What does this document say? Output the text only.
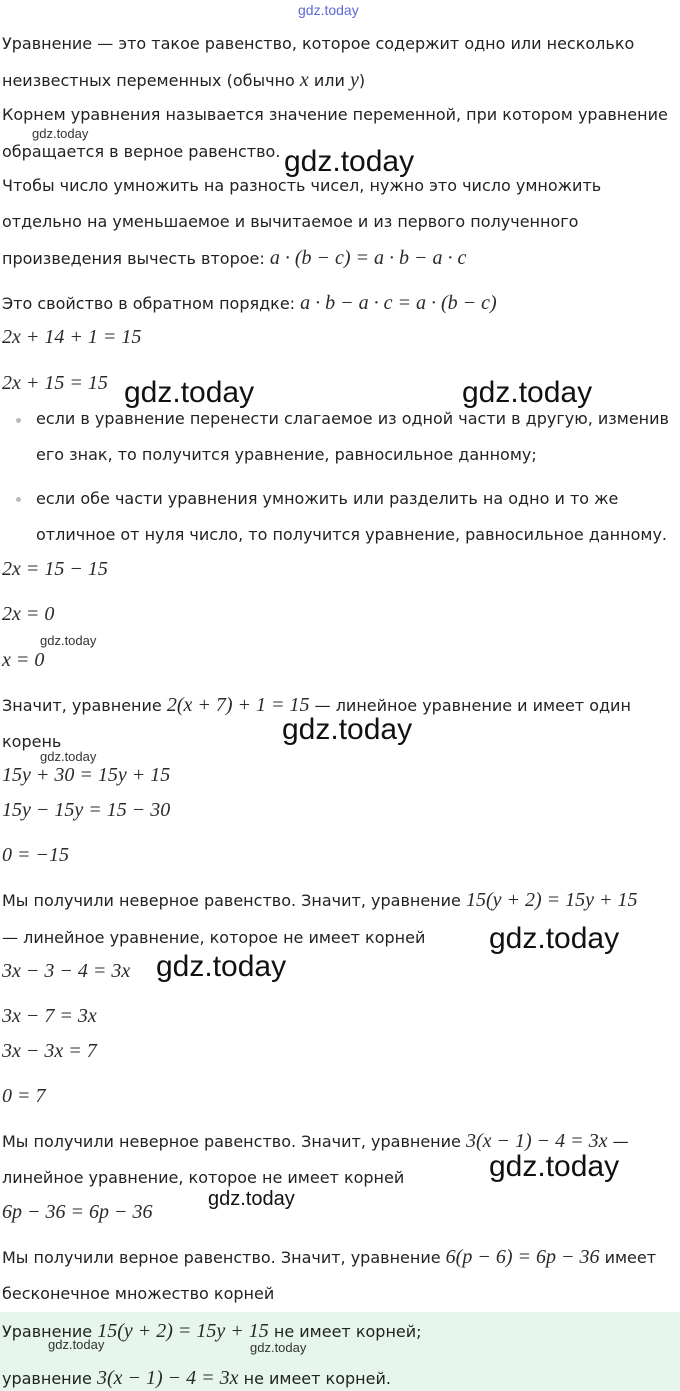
gdz.today
gdz.today
gdz.today
gdz.today	gdz.today
gdz.today
gdz.today
gdz.today
gdz.today
gdz.today
gdz.today
gdz.today
gdz.today	gdz.today
Уравнение — это такое равенство, которое содержит одно или несколько
неизвестных переменных (обычно x или y)
Корнем уравнения называется значение переменной, при котором уравнение
обращается в верное равенство.
Чтобы число умножить на разность чисел, нужно это число умножить
отдельно на уменьшаемое и вычитаемое и из первого полученного
произведения вычесть второе: a · (b − c) = a · b − a · c
Это свойство в обратном порядке: a · b − a · c = a · (b − c)
2x + 14 + 1 = 15
2x + 15 = 15
если в уравнение перенести слагаемое из одной части в другую, изменив
его знак, то получится уравнение, равносильное данному;
если обе части уравнения умножить или разделить на одно и то же
отличное от нуля число, то получится уравнение, равносильное данному.
2x = 15 − 15
2x = 0
x = 0
Значит, уравнение 2(x + 7) + 1 = 15 — линейное уравнение и имеет один
корень
15y + 30 = 15y + 15
15y − 15y = 15 − 30
0 = −15
Мы получили неверное равенство. Значит, уравнение 15(y + 2) = 15y + 15
— линейное уравнение, которое не имеет корней
3x − 3 − 4 = 3x
3x − 7 = 3x
3x − 3x = 7
0 = 7
Мы получили неверное равенство. Значит, уравнение 3(x − 1) − 4 = 3x —
линейное уравнение, которое не имеет корней
6p − 36 = 6p − 36
Мы получили верное равенство. Значит, уравнение 6(p − 6) = 6p − 36 имеет
бесконечное множество корней
Уравнение 15(y + 2) = 15y + 15 не имеет корней;
уравнение 3(x − 1) − 4 = 3x не имеет корней.
